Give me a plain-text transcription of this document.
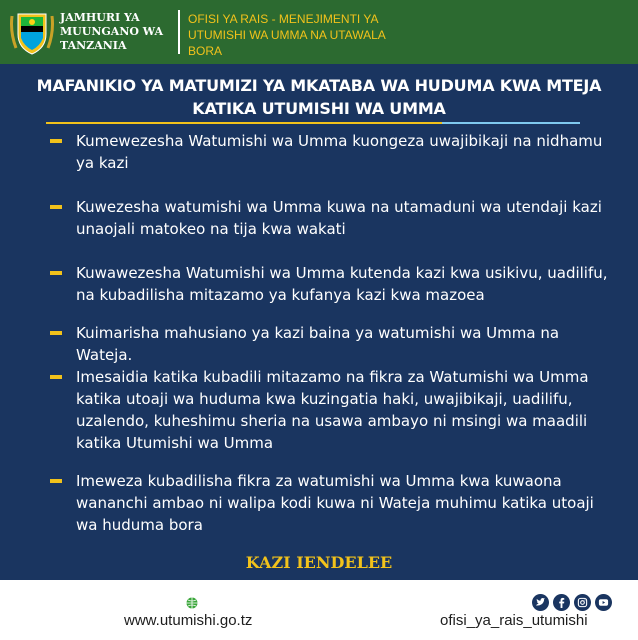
JAMHURI YA MUUNGANO WA TANZANIA
OFISI YA RAIS - MENEJIMENTI YA UTUMISHI WA UMMA NA UTAWALA BORA
MAFANIKIO YA MATUMIZI YA MKATABA WA HUDUMA KWA MTEJA
KATIKA UTUMISHI WA UMMA
Kumewezesha Watumishi wa Umma kuongeza uwajibikaji na nidhamu ya kazi
Kuwezesha watumishi wa Umma kuwa na utamaduni wa utendaji kazi unaojali matokeo na tija kwa wakati
Kuwawezesha Watumishi wa Umma kutenda kazi kwa usikivu, uadilifu, na kubadilisha mitazamo ya kufanya kazi kwa mazoea
Kuimarisha mahusiano ya kazi baina ya watumishi wa Umma na Wateja.
Imesaidia katika kubadili mitazamo na fikra za Watumishi wa Umma katika utoaji wa huduma kwa kuzingatia haki, uwajibikaji, uadilifu, uzalendo, kuheshimu sheria na usawa ambayo ni msingi wa maadili katika Utumishi wa Umma
Imeweza kubadilisha fikra za watumishi wa Umma kwa kuwaona wananchi ambao ni walipa kodi kuwa ni Wateja muhimu katika utoaji wa huduma bora
KAZI IENDELEE
www.utumishi.go.tz	ofisi_ya_rais_utumishi
